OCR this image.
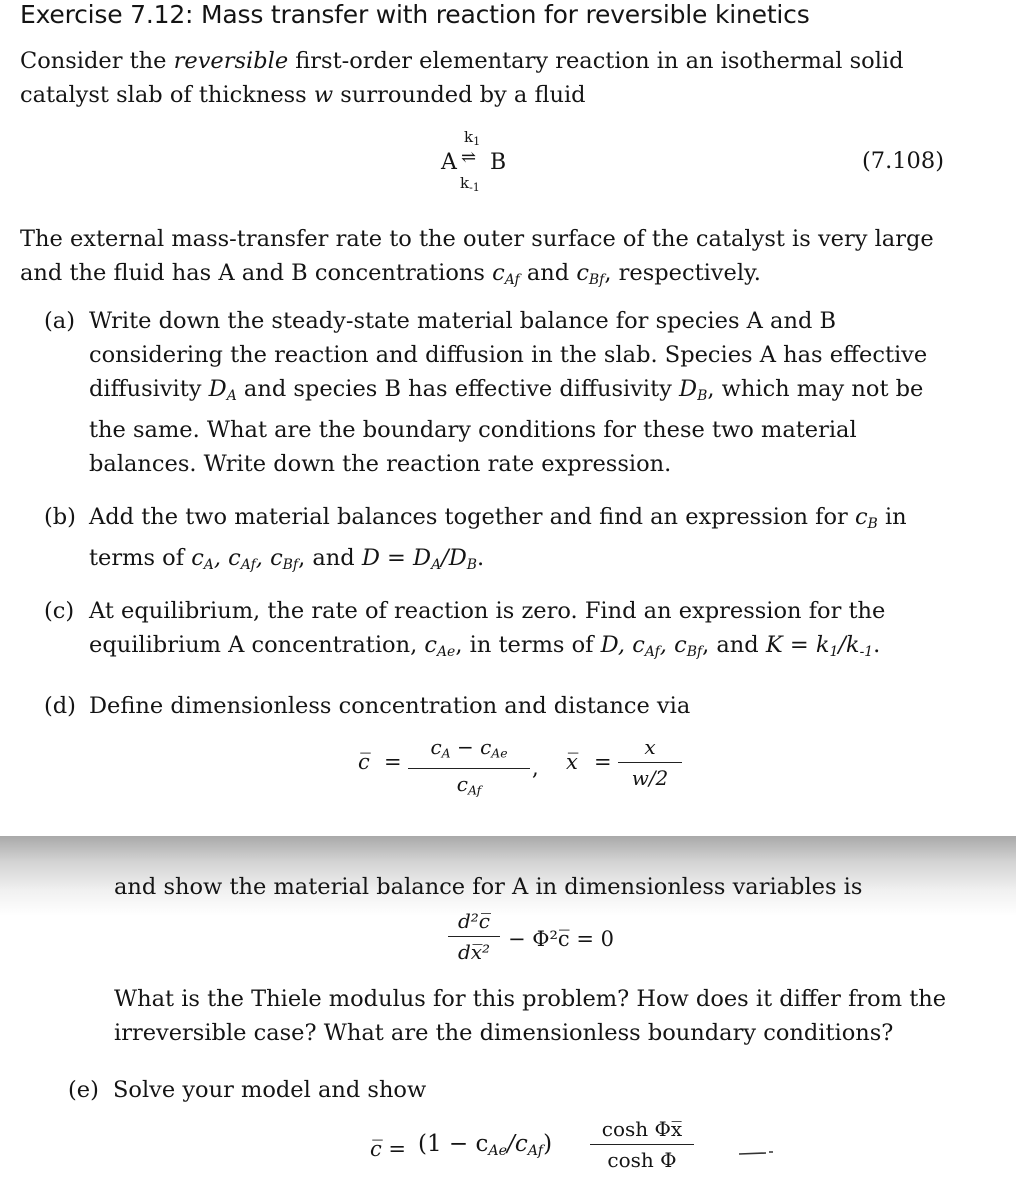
Exercise 7.12: Mass transfer with reaction for reversible kinetics
Consider the reversible first-order elementary reaction in an isothermal solid catalyst slab of thickness w surrounded by a fluid
A ⇌ B
$k_1$
$k_{-1}$
(7.108)
The external mass-transfer rate to the outer surface of the catalyst is very large and the fluid has A and B concentrations $c_{Af}$ and $c_{Bf}$, respectively.
(a) Write down the steady-state material balance for species A and B considering the reaction and diffusion in the slab. Species A has effective diffusivity $D_A$ and species B has effective diffusivity $D_B$, which may not be the same. What are the boundary conditions for these two material balances. Write down the reaction rate expression.
(b) Add the two material balances together and find an expression for $c_B$ in terms of $c_A$, $c_{Af}$, $c_{Bf}$, and $D = D_A/D_B$.
(c) At equilibrium, the rate of reaction is zero. Find an expression for the equilibrium A concentration, $c_{Ae}$, in terms of D, $c_{Af}$, $c_{Bf}$, and $K = k_1/k_{-1}$.
(d) Define dimensionless concentration and distance via
c̅ =
$c_A - c_{Ae}$
$c_{Af}$
, x̅ =
x
w/2
and show the material balance for A in dimensionless variables is
d²c̅
dx̅²
− Φ²c̅ = 0
What is the Thiele modulus for this problem? How does it differ from the irreversible case? What are the dimensionless boundary conditions?
(e) Solve your model and show
c̅ = $(1 - c_{Ae}/c_{Af})$
cosh Φx̅
cosh Φ
